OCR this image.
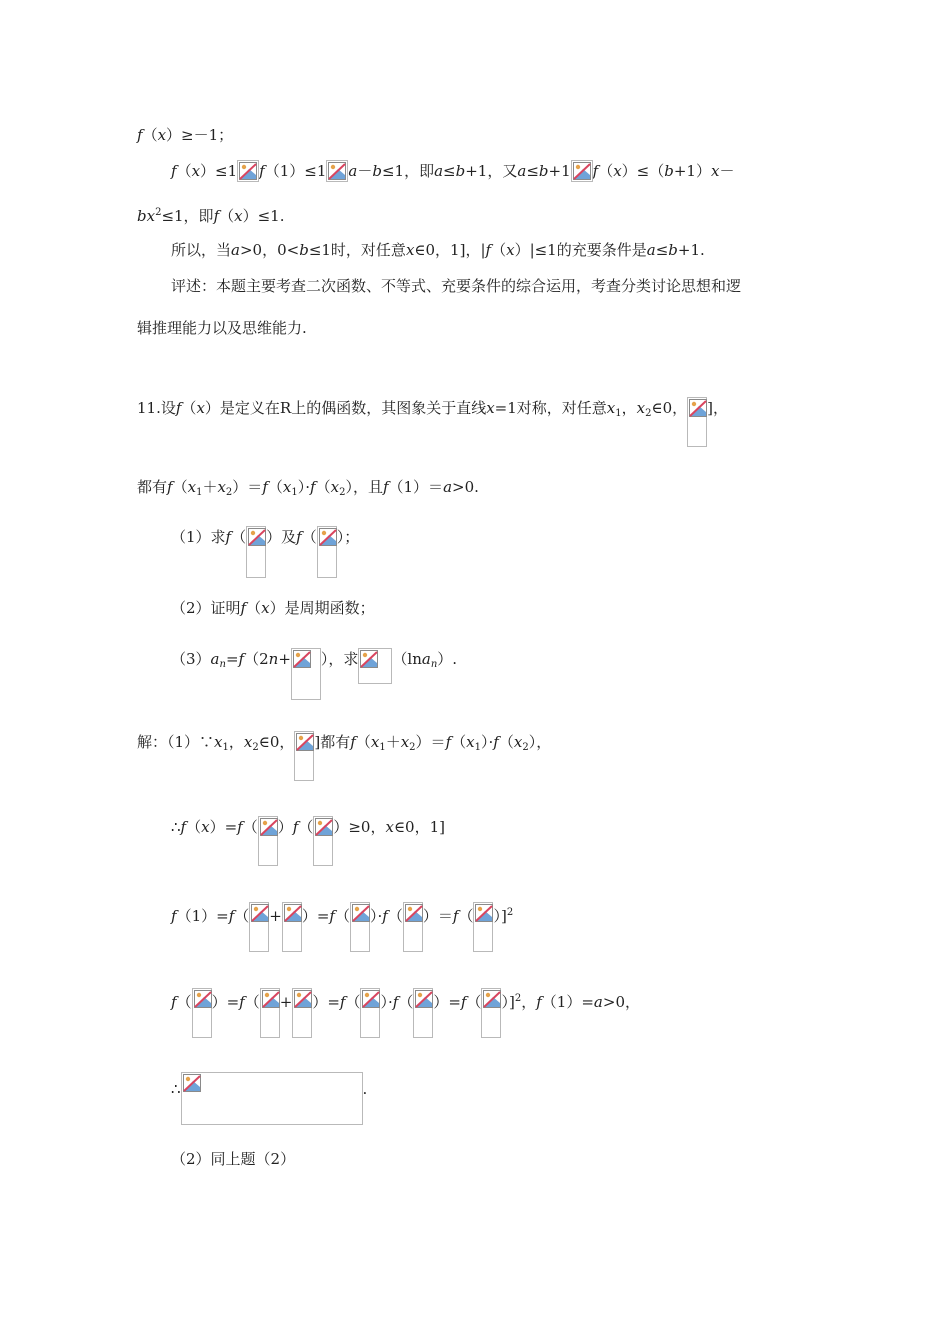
f（x）≥－1；
f（x）≤1 f（1）≤1 a－b≤1，即a≤b+1，又a≤b+1 f（x）≤（b+1）x－
$bx^2\le 1$，即f（x）≤1.
所以，当a>0，0<b≤1时，对任意x∈0，1]，|f（x）|≤1的充要条件是a≤b+1.
评述：本题主要考查二次函数、不等式、充要条件的综合运用，考查分类讨论思想和逻
辑推理能力以及思维能力.
11.设f（x）是定义在R上的偶函数，其图象关于直线x=1对称，对任意$x_1$，$x_2\in 0$， ]，
都有$f(x_1+x_2)=f(x_1)\cdot f(x_2)$，且f（1）＝a>0.
（1）求f（ ）及f（ ）；
（2）证明f（x）是周期函数；
$(3)a_n=f(2n+$ ），求 （lna$_n$）.
解：$(1)\because x_1$，$x_2\in 0$， ]都有$f(x_1+x_2)=f(x_1)\cdot f(x_2)$，
∴f（x）=f（ ）f（ ）≥0，x∈0，1]
f（1）=f（ + ）=f（ ）·f（ ）＝f（ ）]$^2$
f（ ）=f（ + ）=f（ ）·f（ ）=f（ ）]$^2$，f（1）=a>0，
∴	.
（2）同上题（2）
